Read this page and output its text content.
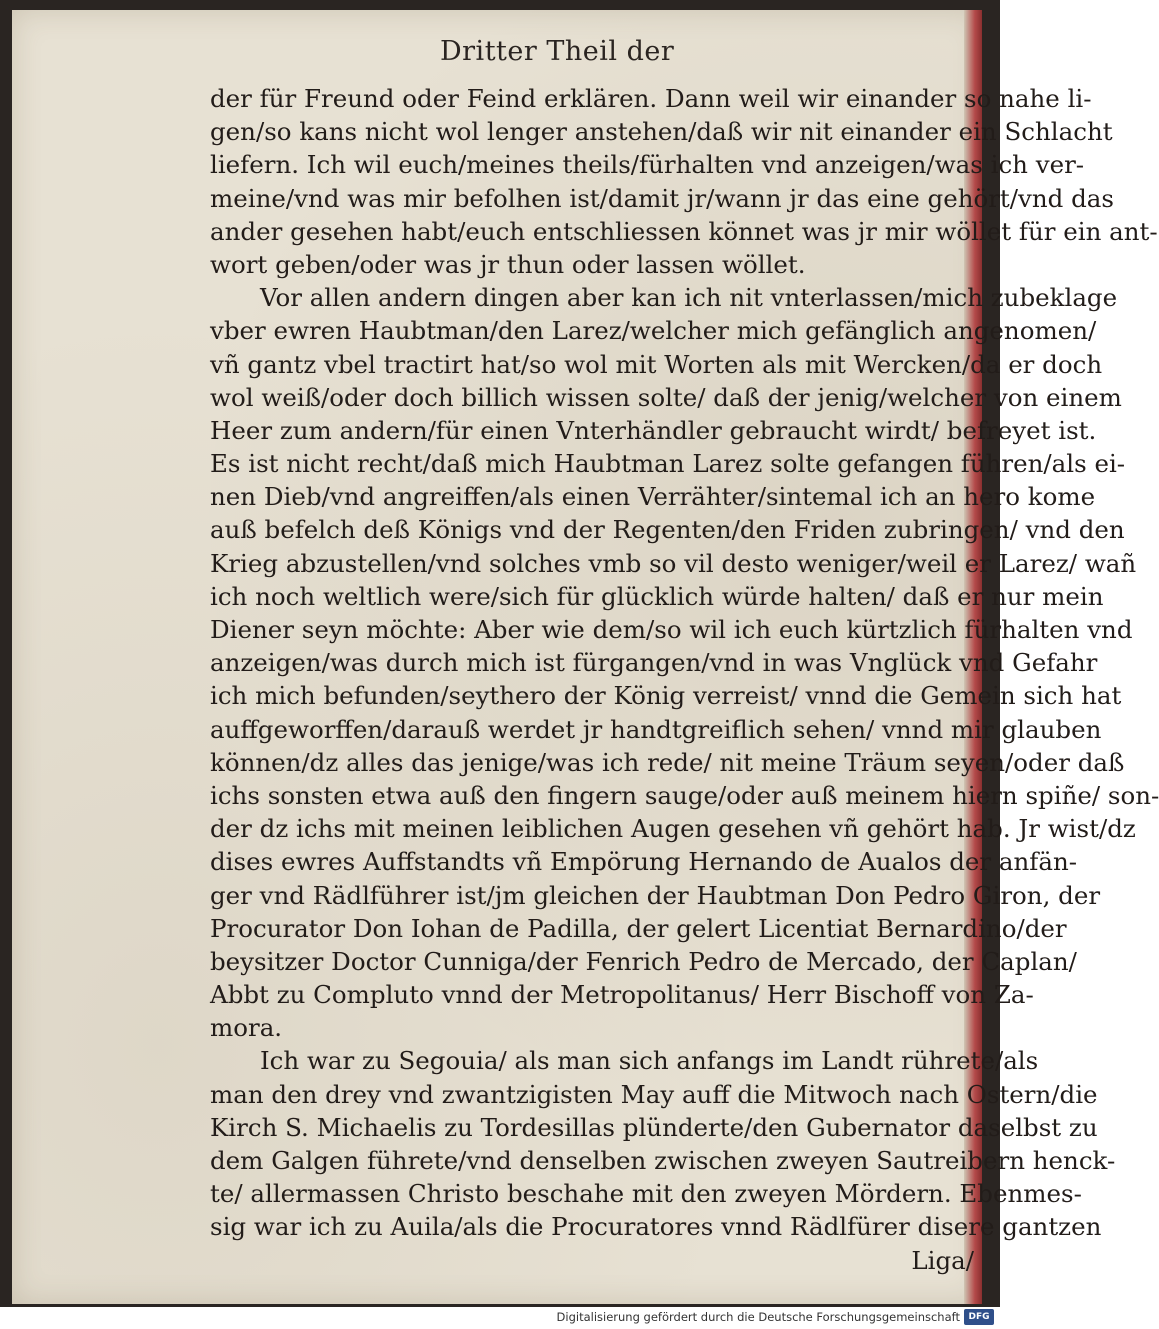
Dritter Theil der
der für Freund oder Feind erklären. Dann weil wir einander so nahe li-
gen/so kans nicht wol lenger anstehen/daß wir nit einander ein Schlacht
liefern. Ich wil euch/meines theils/fürhalten vnd anzeigen/was ich ver-
meine/vnd was mir befolhen ist/damit jr/wann jr das eine gehört/vnd das
ander gesehen habt/euch entschliessen könnet was jr mir wöllet für ein ant-
wort geben/oder was jr thun oder lassen wöllet.
Vor allen andern dingen aber kan ich nit vnterlassen/mich zubeklage
vber ewren Haubtman/den Larez/welcher mich gefänglich angenomen/
vñ gantz vbel tractirt hat/so wol mit Worten als mit Wercken/da er doch
wol weiß/oder doch billich wissen solte/ daß der jenig/welcher von einem
Heer zum andern/für einen Vnterhändler gebraucht wirdt/ befreyet ist.
Es ist nicht recht/daß mich Haubtman Larez solte gefangen führen/als ei-
nen Dieb/vnd angreiffen/als einen Verrähter/sintemal ich an hero kome
auß befelch deß Königs vnd der Regenten/den Friden zubringen/ vnd den
Krieg abzustellen/vnd solches vmb so vil desto weniger/weil er Larez/ wañ
ich noch weltlich were/sich für glücklich würde halten/ daß er nur mein
Diener seyn möchte: Aber wie dem/so wil ich euch kürtzlich fürhalten vnd
anzeigen/was durch mich ist fürgangen/vnd in was Vnglück vnd Gefahr
ich mich befunden/seythero der König verreist/ vnnd die Gemein sich hat
auffgeworffen/darauß werdet jr handtgreiflich sehen/ vnnd mir glauben
können/dz alles das jenige/was ich rede/ nit meine Träum seyen/oder daß
ichs sonsten etwa auß den fingern sauge/oder auß meinem hiern spiñe/ son-
der dz ichs mit meinen leiblichen Augen gesehen vñ gehört hab. Jr wist/dz
dises ewres Auffstandts vñ Empörung Hernando de Aualos der anfän-
ger vnd Rädlführer ist/jm gleichen der Haubtman Don Pedro Giron, der
Procurator Don Iohan de Padilla, der gelert Licentiat Bernardino/der
beysitzer Doctor Cunniga/der Fenrich Pedro de Mercado, der Caplan/
Abbt zu Compluto vnnd der Metropolitanus/ Herr Bischoff von Za-
mora.
Ich war zu Segouia/ als man sich anfangs im Landt rührete/als
man den drey vnd zwantzigisten May auff die Mitwoch nach Ostern/die
Kirch S. Michaelis zu Tordesillas plünderte/den Gubernator daselbst zu
dem Galgen führete/vnd denselben zwischen zweyen Sautreibern henck-
te/ allermassen Christo beschahe mit den zweyen Mördern. Ebenmes-
sig war ich zu Auila/als die Procuratores vnnd Rädlfürer disere gantzen
Liga/
Digitalisierung gefördert durch die Deutsche Forschungsgemeinschaft DFG
